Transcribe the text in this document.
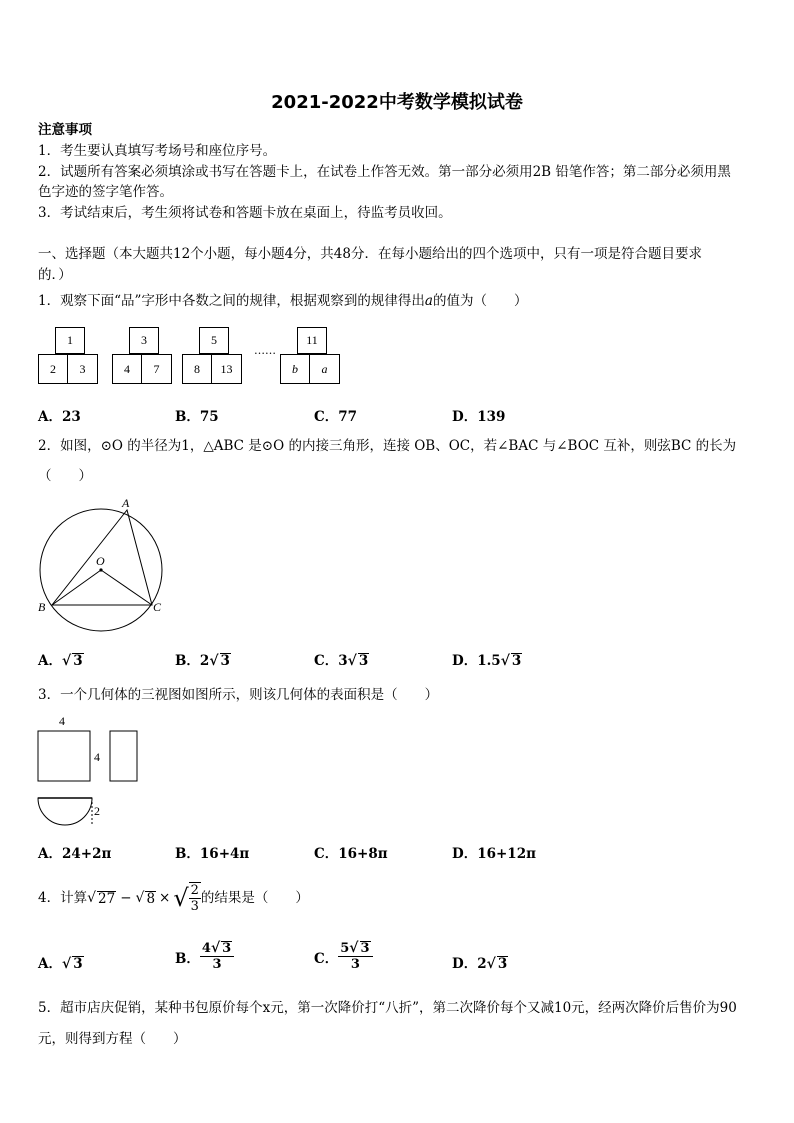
2021-2022中考数学模拟试卷
注意事项
1．考生要认真填写考场号和座位序号。
2．试题所有答案必须填涂或书写在答题卡上，在试卷上作答无效。第一部分必须用2B 铅笔作答；第二部分必须用黑
色字迹的签字笔作答。
3．考试结束后，考生须将试卷和答题卡放在桌面上，待监考员收回。
一、选择题（本大题共12个小题，每小题4分，共48分．在每小题给出的四个选项中，只有一项是符合题目要求
的．）
1．观察下面“品”字形中各数之间的规律，根据观察到的规律得出a的值为（　　）
1
2	3
3
4	7
5
8	13
……
11
b	a
A．23	B．75	C．77	D．139
2．如图，⊙O 的半径为1，△ABC 是⊙O 的内接三角形，连接 OB、OC，若∠BAC 与∠BOC 互补，则弦BC 的长为
（　　）
A
O
B	C
A．√ 3	B．2√ 3	C．3√ 3	D．1.5√ 3
3．一个几何体的三视图如图所示，则该几何体的表面积是（　　）
4
4
2
A．24+2π	B．16+4π	C．16+8π	D．16+12π
4．计算 √ 27 − √ 8 × √ $\frac{2}{3}$ 的结果是（　　）
A．√ 3	B． $\frac{4√ 3}{3}$	C． $\frac{5√ 3}{3}$	D．2√ 3
5．超市店庆促销，某种书包原价每个x元，第一次降价打“八折”，第二次降价每个又减10元，经两次降价后售价为90
元，则得到方程（　　）
